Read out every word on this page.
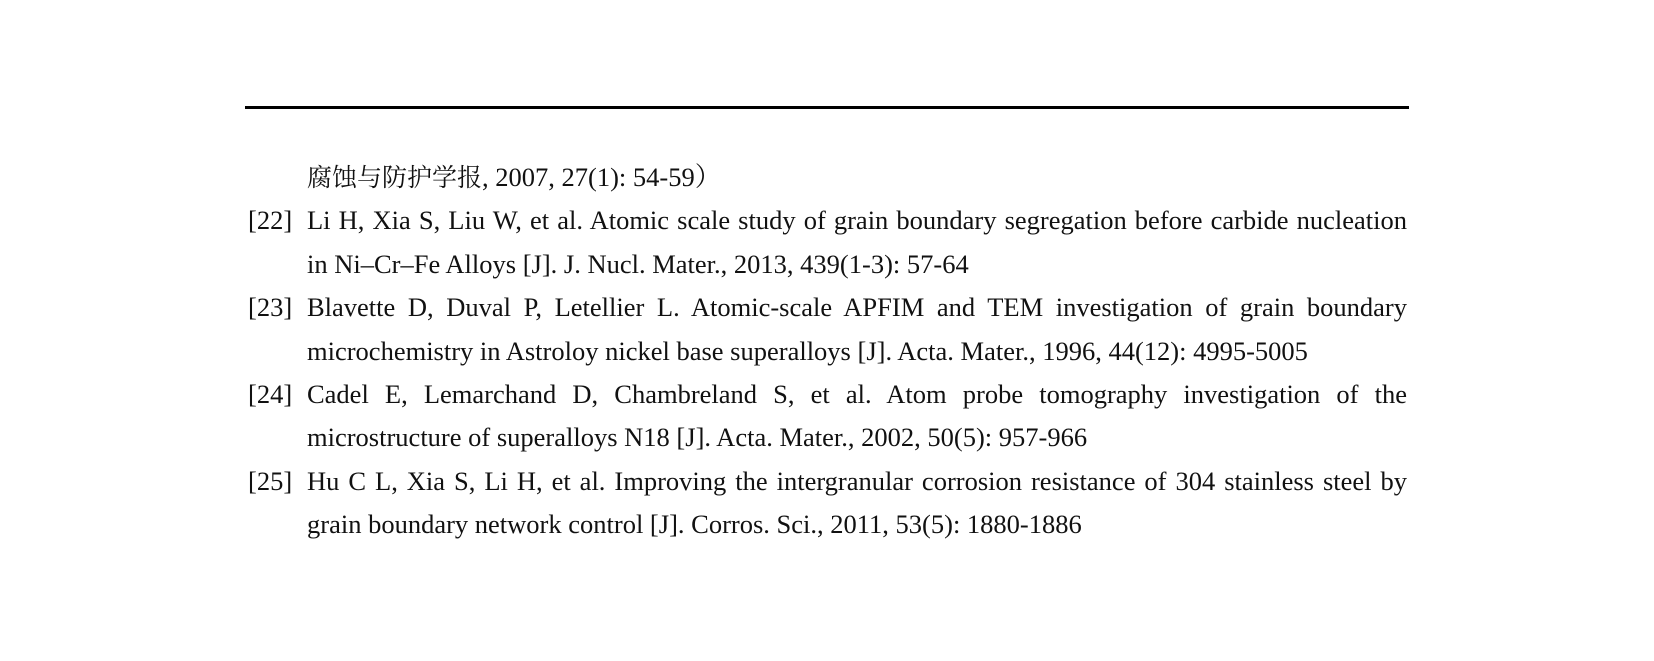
腐蚀与防护学报, 2007, 27(1): 54-59）
[22] Li H, Xia S, Liu W, et al. Atomic scale study of grain boundary segregation before carbide nucleation in Ni–Cr–Fe Alloys [J]. J. Nucl. Mater., 2013, 439(1-3): 57-64
[23] Blavette D, Duval P, Letellier L. Atomic-scale APFIM and TEM investigation of grain boundary microchemistry in Astroloy nickel base superalloys [J]. Acta. Mater., 1996, 44(12): 4995-5005
[24] Cadel E, Lemarchand D, Chambreland S, et al. Atom probe tomography investigation of the microstructure of superalloys N18 [J]. Acta. Mater., 2002, 50(5): 957-966
[25] Hu C L, Xia S, Li H, et al. Improving the intergranular corrosion resistance of 304 stainless steel by grain boundary network control [J]. Corros. Sci., 2011, 53(5): 1880-1886
